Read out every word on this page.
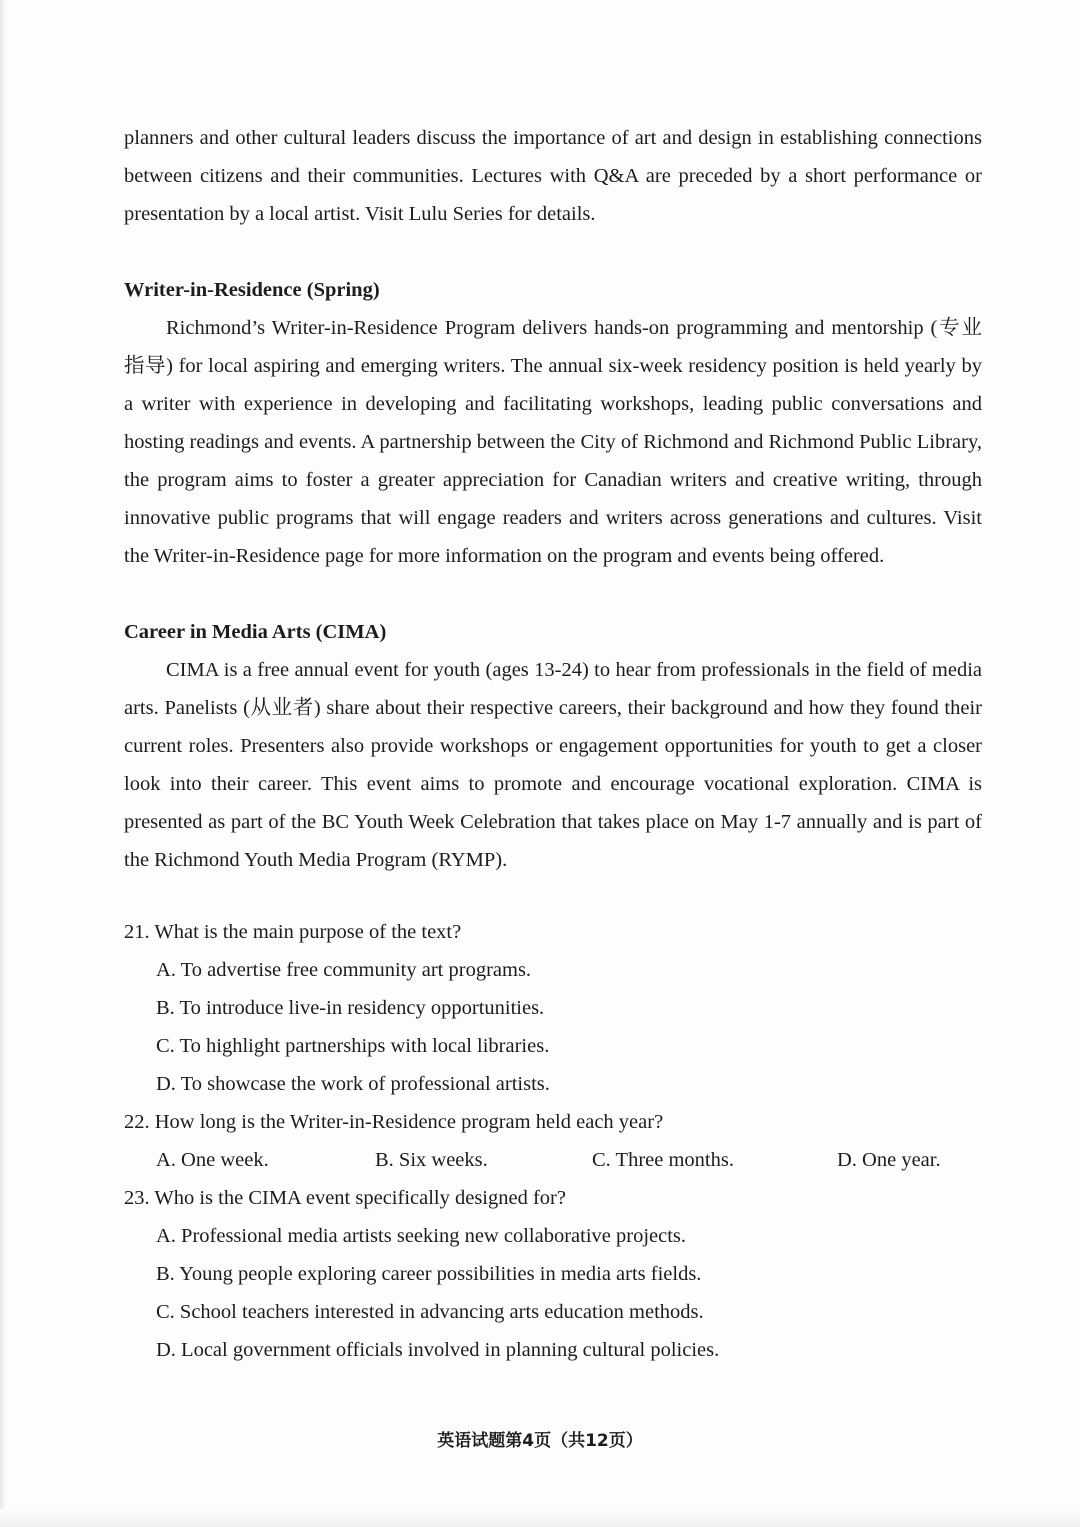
planners and other cultural leaders discuss the importance of art and design in establishing connections between citizens and their communities. Lectures with Q&A are preceded by a short performance or presentation by a local artist. Visit Lulu Series for details.

Writer-in-Residence (Spring)

Richmond’s Writer-in-Residence Program delivers hands-on programming and mentorship (专业指导) for local aspiring and emerging writers. The annual six-week residency position is held yearly by a writer with experience in developing and facilitating workshops, leading public conversations and hosting readings and events. A partnership between the City of Richmond and Richmond Public Library, the program aims to foster a greater appreciation for Canadian writers and creative writing, through innovative public programs that will engage readers and writers across generations and cultures. Visit the Writer-in-Residence page for more information on the program and events being offered.

Career in Media Arts (CIMA)

CIMA is a free annual event for youth (ages 13-24) to hear from professionals in the field of media arts. Panelists (从业者) share about their respective careers, their background and how they found their current roles. Presenters also provide workshops or engagement opportunities for youth to get a closer look into their career. This event aims to promote and encourage vocational exploration. CIMA is presented as part of the BC Youth Week Celebration that takes place on May 1-7 annually and is part of the Richmond Youth Media Program (RYMP).

21. What is the main purpose of the text?

A. To advertise free community art programs.

B. To introduce live-in residency opportunities.

C. To highlight partnerships with local libraries.

D. To showcase the work of professional artists.

22. How long is the Writer-in-Residence program held each year?

A. One week.	B. Six weeks.	C. Three months.	D. One year.

23. Who is the CIMA event specifically designed for?

A. Professional media artists seeking new collaborative projects.

B. Young people exploring career possibilities in media arts fields.

C. School teachers interested in advancing arts education methods.

D. Local government officials involved in planning cultural policies.

英语试题第4页（共12页）
